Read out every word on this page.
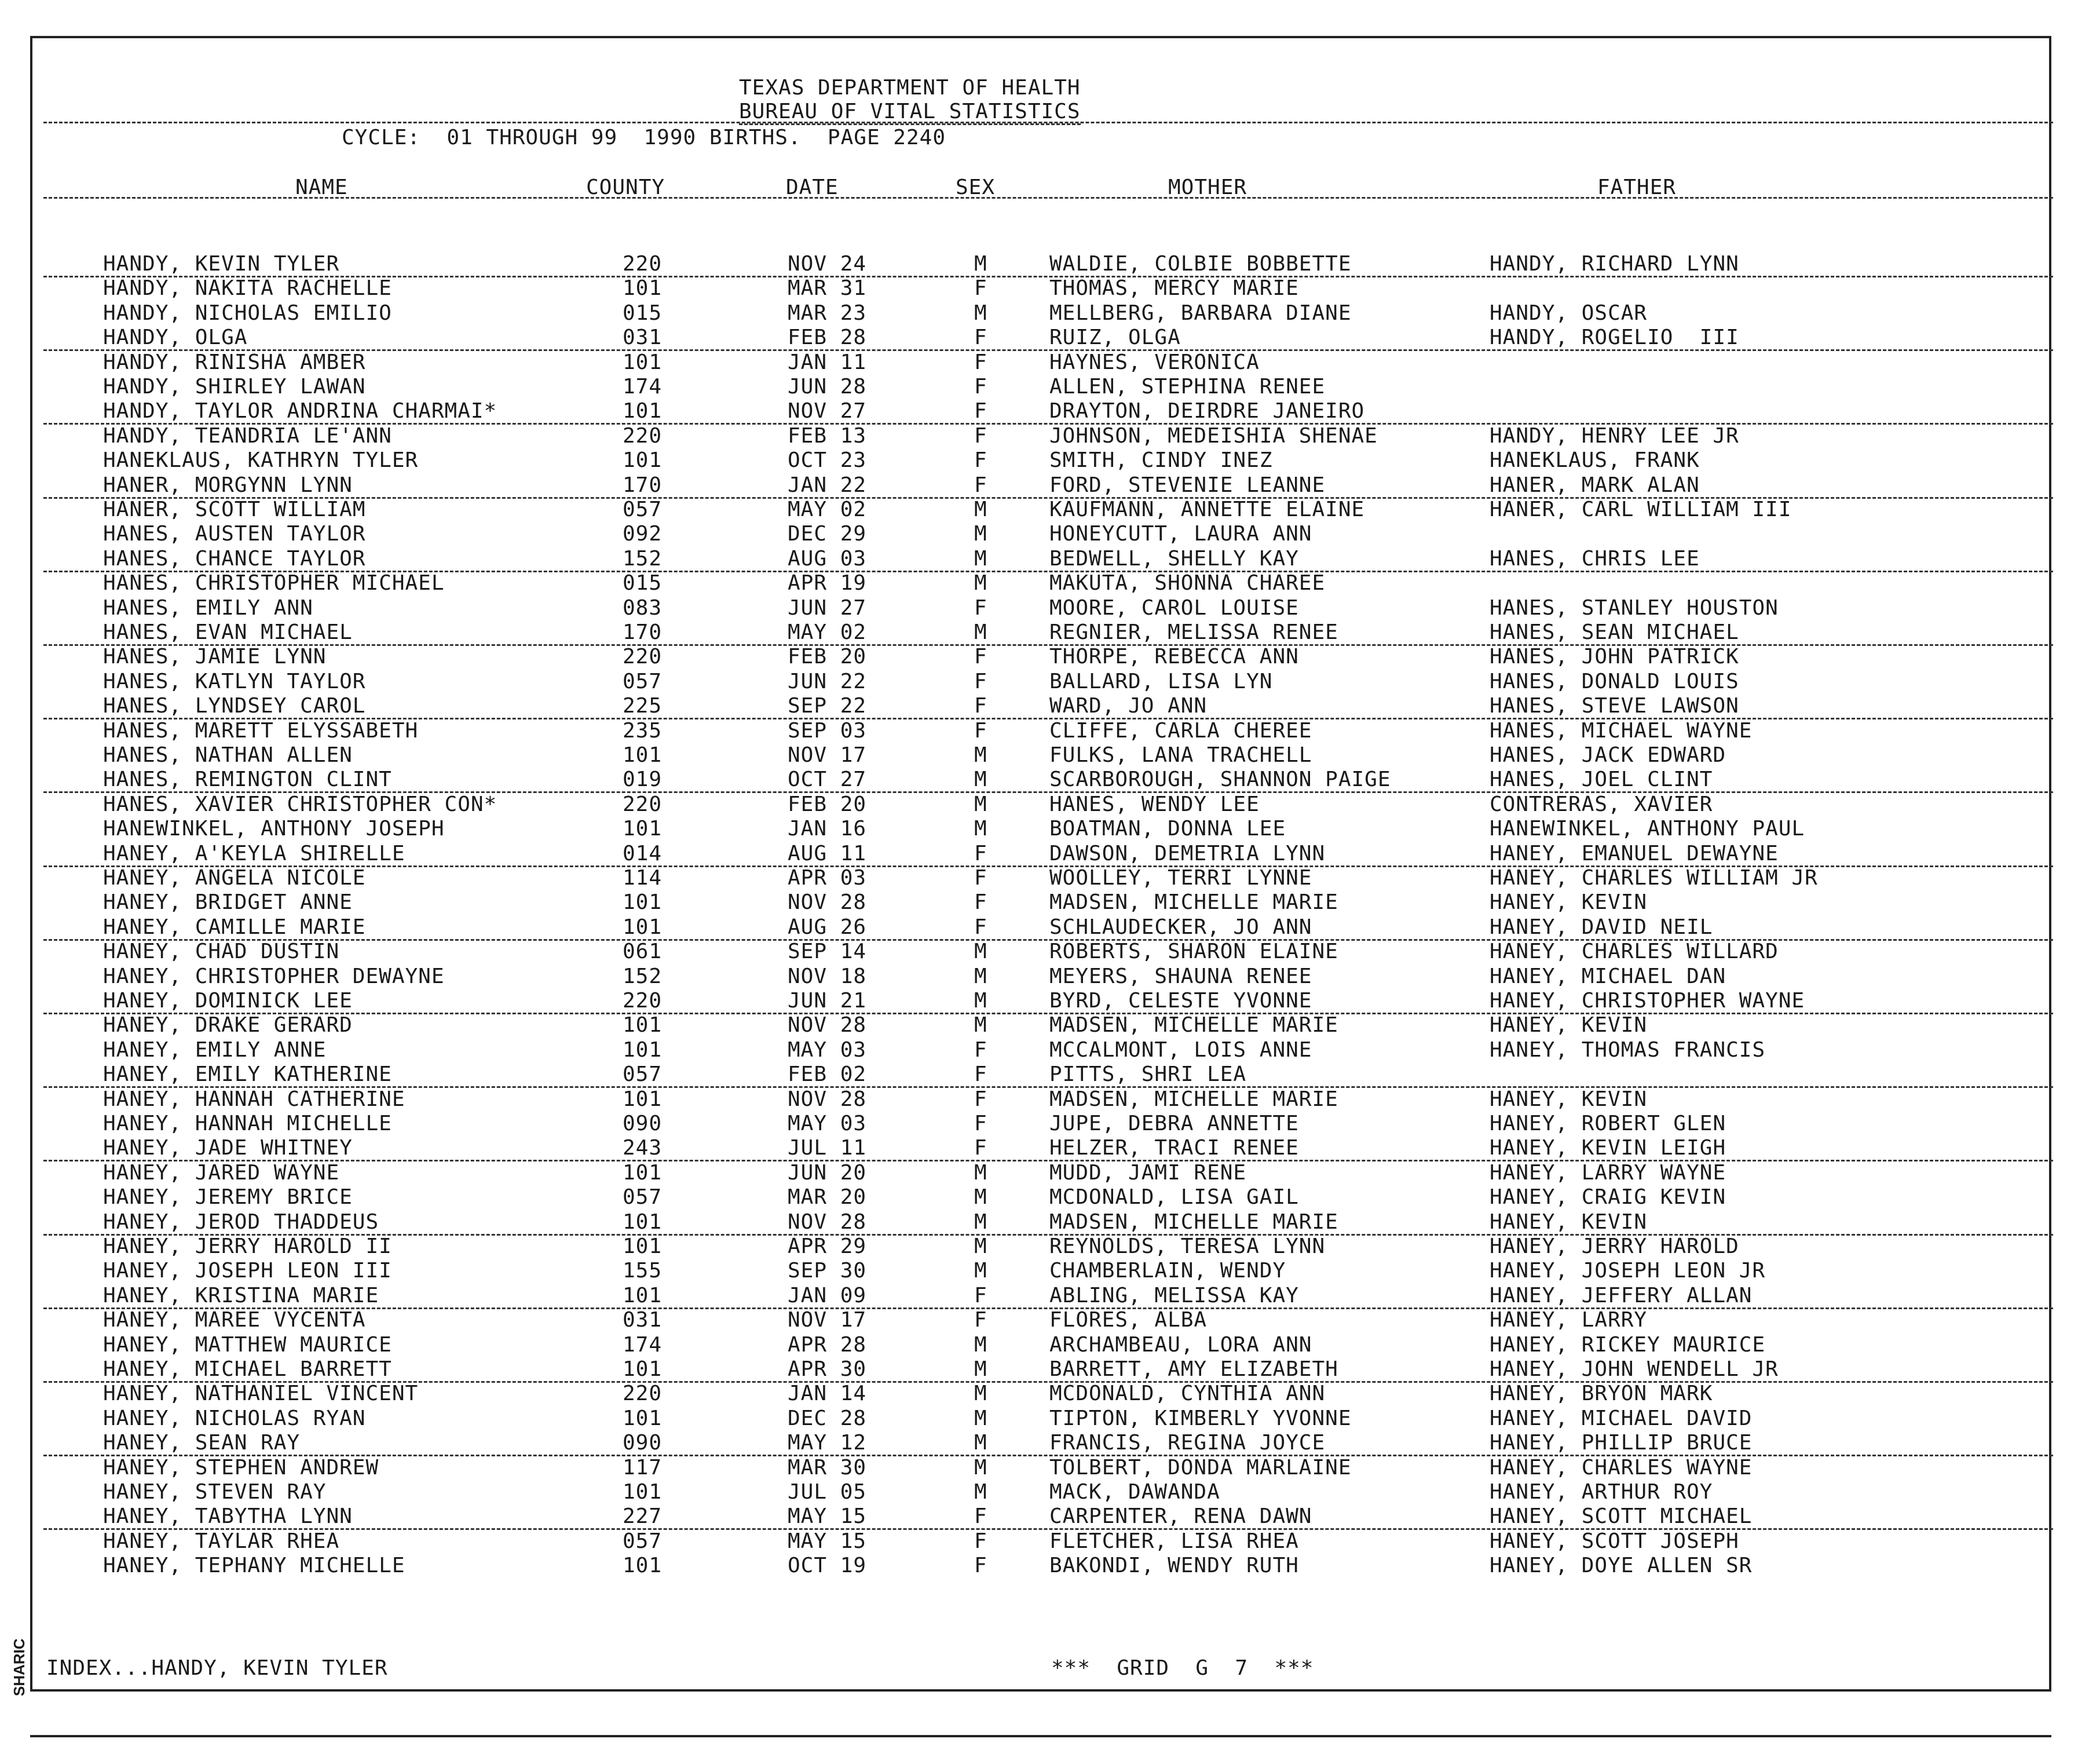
SHARIC
TEXAS DEPARTMENT OF HEALTH
BUREAU OF VITAL STATISTICS
CYCLE:  01 THROUGH 99  1990 BIRTHS.  PAGE 2240
NAME	COUNTY	DATE	SEX	MOTHER	FATHER
HANDY, KEVIN TYLER	220	NOV 24	M	WALDIE, COLBIE BOBBETTE	HANDY, RICHARD LYNN
HANDY, NAKITA RACHELLE	101	MAR 31	F	THOMAS, MERCY MARIE
HANDY, NICHOLAS EMILIO	015	MAR 23	M	MELLBERG, BARBARA DIANE	HANDY, OSCAR
HANDY, OLGA	031	FEB 28	F	RUIZ, OLGA	HANDY, ROGELIO  III
HANDY, RINISHA AMBER	101	JAN 11	F	HAYNES, VERONICA
HANDY, SHIRLEY LAWAN	174	JUN 28	F	ALLEN, STEPHINA RENEE
HANDY, TAYLOR ANDRINA CHARMAI*	101	NOV 27	F	DRAYTON, DEIRDRE JANEIRO
HANDY, TEANDRIA LE'ANN	220	FEB 13	F	JOHNSON, MEDEISHIA SHENAE	HANDY, HENRY LEE JR
HANEKLAUS, KATHRYN TYLER	101	OCT 23	F	SMITH, CINDY INEZ	HANEKLAUS, FRANK
HANER, MORGYNN LYNN	170	JAN 22	F	FORD, STEVENIE LEANNE	HANER, MARK ALAN
HANER, SCOTT WILLIAM	057	MAY 02	M	KAUFMANN, ANNETTE ELAINE	HANER, CARL WILLIAM III
HANES, AUSTEN TAYLOR	092	DEC 29	M	HONEYCUTT, LAURA ANN
HANES, CHANCE TAYLOR	152	AUG 03	M	BEDWELL, SHELLY KAY	HANES, CHRIS LEE
HANES, CHRISTOPHER MICHAEL	015	APR 19	M	MAKUTA, SHONNA CHAREE
HANES, EMILY ANN	083	JUN 27	F	MOORE, CAROL LOUISE	HANES, STANLEY HOUSTON
HANES, EVAN MICHAEL	170	MAY 02	M	REGNIER, MELISSA RENEE	HANES, SEAN MICHAEL
HANES, JAMIE LYNN	220	FEB 20	F	THORPE, REBECCA ANN	HANES, JOHN PATRICK
HANES, KATLYN TAYLOR	057	JUN 22	F	BALLARD, LISA LYN	HANES, DONALD LOUIS
HANES, LYNDSEY CAROL	225	SEP 22	F	WARD, JO ANN	HANES, STEVE LAWSON
HANES, MARETT ELYSSABETH	235	SEP 03	F	CLIFFE, CARLA CHEREE	HANES, MICHAEL WAYNE
HANES, NATHAN ALLEN	101	NOV 17	M	FULKS, LANA TRACHELL	HANES, JACK EDWARD
HANES, REMINGTON CLINT	019	OCT 27	M	SCARBOROUGH, SHANNON PAIGE	HANES, JOEL CLINT
HANES, XAVIER CHRISTOPHER CON*	220	FEB 20	M	HANES, WENDY LEE	CONTRERAS, XAVIER
HANEWINKEL, ANTHONY JOSEPH	101	JAN 16	M	BOATMAN, DONNA LEE	HANEWINKEL, ANTHONY PAUL
HANEY, A'KEYLA SHIRELLE	014	AUG 11	F	DAWSON, DEMETRIA LYNN	HANEY, EMANUEL DEWAYNE
HANEY, ANGELA NICOLE	114	APR 03	F	WOOLLEY, TERRI LYNNE	HANEY, CHARLES WILLIAM JR
HANEY, BRIDGET ANNE	101	NOV 28	F	MADSEN, MICHELLE MARIE	HANEY, KEVIN
HANEY, CAMILLE MARIE	101	AUG 26	F	SCHLAUDECKER, JO ANN	HANEY, DAVID NEIL
HANEY, CHAD DUSTIN	061	SEP 14	M	ROBERTS, SHARON ELAINE	HANEY, CHARLES WILLARD
HANEY, CHRISTOPHER DEWAYNE	152	NOV 18	M	MEYERS, SHAUNA RENEE	HANEY, MICHAEL DAN
HANEY, DOMINICK LEE	220	JUN 21	M	BYRD, CELESTE YVONNE	HANEY, CHRISTOPHER WAYNE
HANEY, DRAKE GERARD	101	NOV 28	M	MADSEN, MICHELLE MARIE	HANEY, KEVIN
HANEY, EMILY ANNE	101	MAY 03	F	MCCALMONT, LOIS ANNE	HANEY, THOMAS FRANCIS
HANEY, EMILY KATHERINE	057	FEB 02	F	PITTS, SHRI LEA
HANEY, HANNAH CATHERINE	101	NOV 28	F	MADSEN, MICHELLE MARIE	HANEY, KEVIN
HANEY, HANNAH MICHELLE	090	MAY 03	F	JUPE, DEBRA ANNETTE	HANEY, ROBERT GLEN
HANEY, JADE WHITNEY	243	JUL 11	F	HELZER, TRACI RENEE	HANEY, KEVIN LEIGH
HANEY, JARED WAYNE	101	JUN 20	M	MUDD, JAMI RENE	HANEY, LARRY WAYNE
HANEY, JEREMY BRICE	057	MAR 20	M	MCDONALD, LISA GAIL	HANEY, CRAIG KEVIN
HANEY, JEROD THADDEUS	101	NOV 28	M	MADSEN, MICHELLE MARIE	HANEY, KEVIN
HANEY, JERRY HAROLD II	101	APR 29	M	REYNOLDS, TERESA LYNN	HANEY, JERRY HAROLD
HANEY, JOSEPH LEON III	155	SEP 30	M	CHAMBERLAIN, WENDY	HANEY, JOSEPH LEON JR
HANEY, KRISTINA MARIE	101	JAN 09	F	ABLING, MELISSA KAY	HANEY, JEFFERY ALLAN
HANEY, MAREE VYCENTA	031	NOV 17	F	FLORES, ALBA	HANEY, LARRY
HANEY, MATTHEW MAURICE	174	APR 28	M	ARCHAMBEAU, LORA ANN	HANEY, RICKEY MAURICE
HANEY, MICHAEL BARRETT	101	APR 30	M	BARRETT, AMY ELIZABETH	HANEY, JOHN WENDELL JR
HANEY, NATHANIEL VINCENT	220	JAN 14	M	MCDONALD, CYNTHIA ANN	HANEY, BRYON MARK
HANEY, NICHOLAS RYAN	101	DEC 28	M	TIPTON, KIMBERLY YVONNE	HANEY, MICHAEL DAVID
HANEY, SEAN RAY	090	MAY 12	M	FRANCIS, REGINA JOYCE	HANEY, PHILLIP BRUCE
HANEY, STEPHEN ANDREW	117	MAR 30	M	TOLBERT, DONDA MARLAINE	HANEY, CHARLES WAYNE
HANEY, STEVEN RAY	101	JUL 05	M	MACK, DAWANDA	HANEY, ARTHUR ROY
HANEY, TABYTHA LYNN	227	MAY 15	F	CARPENTER, RENA DAWN	HANEY, SCOTT MICHAEL
HANEY, TAYLAR RHEA	057	MAY 15	F	FLETCHER, LISA RHEA	HANEY, SCOTT JOSEPH
HANEY, TEPHANY MICHELLE	101	OCT 19	F	BAKONDI, WENDY RUTH	HANEY, DOYE ALLEN SR
INDEX...HANDY, KEVIN TYLER	***  GRID  G  7  ***
